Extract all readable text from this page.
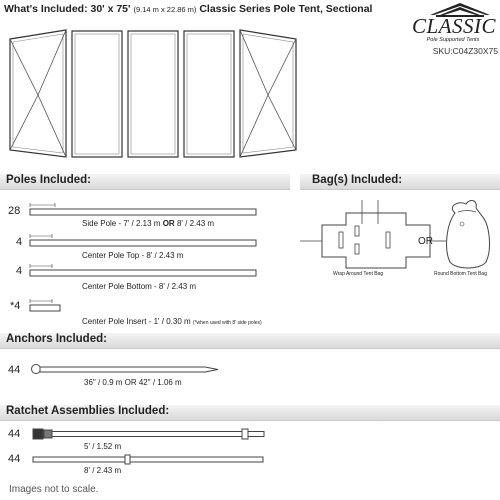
What's Included: 30' x 75' (9.14 m x 22.86 m) Classic Series Pole Tent, Sectional
CLASSIC
Pole Supported Tents
SKU:C04Z30X75
Poles Included:	Bag(s) Included:
Anchors Included:
Ratchet Assemblies Included:
28
Side Pole - 7' / 2.13 m OR 8' / 2.43 m
4
Center Pole Top - 8' / 2.43 m
4
Center Pole Bottom - 8' / 2.43 m
*4
Center Pole Insert - 1' / 0.30 m (*when used with 8' side poles)
Wrap Around Tent Bag
OR
Round Bottom Tent Bag
44
36" / 0.9 m OR 42" / 1.06 m
44
5' / 1.52 m
44
8' / 2.43 m
Images not to scale.
